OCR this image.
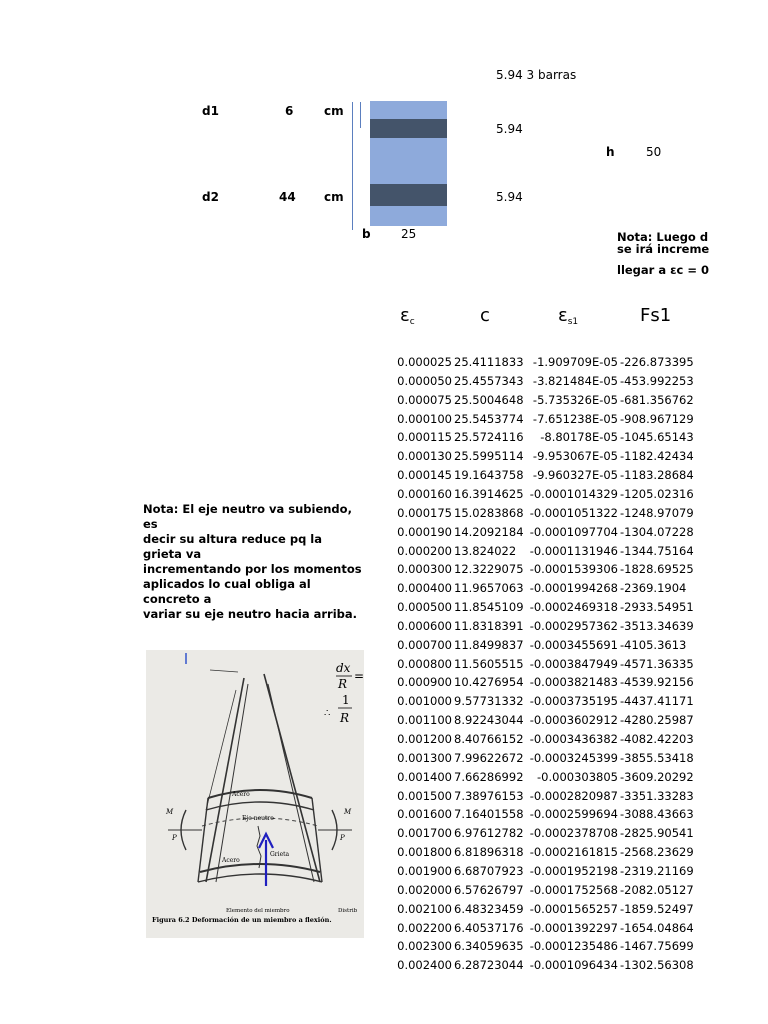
5.94 3 barras
d1	6	cm
d2	44 cm
5.94
5.94
h	50
b	25	Nota: Luego d
se irá increme
llegar a εc = 0
$\varepsilon_c$	c	$\varepsilon_{s1}$	Fs1
0.000025 25.4111833 -1.909709E-05 -226.873395
0.000050 25.4557343 -3.821484E-05 -453.992253
0.000075 25.5004648 -5.735326E-05 -681.356762
0.000100 25.5453774 -7.651238E-05 -908.967129
0.000115 25.5724116	-8.80178E-05 -1045.65143
0.000130 25.5995114 -9.953067E-05 -1182.42434
0.000145 19.1643758 -9.960327E-05 -1183.28684
0.000160 16.3914625 -0.0001014329 -1205.02316
0.000175 15.0283868 -0.0001051322 -1248.97079
0.000190 14.2092184 -0.0001097704 -1304.07228
0.000200 13.824022	-0.0001131946 -1344.75164
0.000300 12.3229075 -0.0001539306 -1828.69525
0.000400 11.9657063 -0.0001994268 -2369.1904
0.000500 11.8545109 -0.0002469318 -2933.54951
0.000600 11.8318391 -0.0002957362 -3513.34639
0.000700 11.8499837 -0.0003455691 -4105.3613
0.000800 11.5605515 -0.0003847949 -4571.36335
0.000900 10.4276954 -0.0003821483 -4539.92156
0.001000 9.57731332 -0.0003735195 -4437.41171
0.001100 8.92243044 -0.0003602912 -4280.25987
0.001200 8.40766152 -0.0003436382 -4082.42203
0.001300 7.99622672 -0.0003245399 -3855.53418
0.001400 7.66286992	-0.000303805 -3609.20292
0.001500 7.38976153 -0.0002820987 -3351.33283
0.001600 7.16401558 -0.0002599694 -3088.43663
0.001700 6.97612782 -0.0002378708 -2825.90541
0.001800 6.81896318 -0.0002161815 -2568.23629
0.001900 6.68707923 -0.0001952198 -2319.21169
0.002000 6.57626797 -0.0001752568 -2082.05127
0.002100 6.48323459 -0.0001565257 -1859.52497
0.002200 6.40537176 -0.0001392297 -1654.04864
0.002300 6.34059635 -0.0001235486 -1467.75699
0.002400 6.28723044 -0.0001096434 -1302.56308
Nota: El eje neutro va subiendo, es
decir su altura reduce pq la grieta va
incrementando por los momentos
aplicados lo cual obliga al concreto a
variar su eje neutro hacia arriba.
Acero
Eje neutro
Acero
Grieta
Elemento del miembro	Distrib
M	M
P	P
dx
R
=
1
R
∴
Figura 6.2 Deformación de un miembro a flexión.
